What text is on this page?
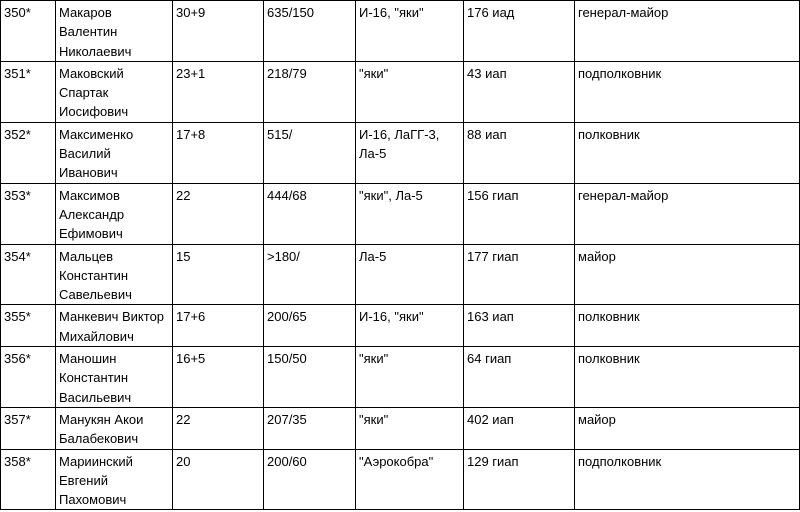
350*	Макаров Валентин Николаевич	30+9	635/150	И-16, "яки"	176 иад	генерал-майор
351*	Маковский Спартак Иосифович	23+1	218/79	"яки"	43 иап	подполковник
352*	Максименко Василий Иванович	17+8	515/	И-16, ЛаГГ-3, Ла-5	88 иап	полковник
353*	Максимов Александр Ефимович	22	444/68	"яки", Ла-5	156 гиап	генерал-майор
354*	Мальцев Константин Савельевич	15	>180/	Ла-5	177 гиап	майор
355*	Манкевич Виктор Михайлович	17+6	200/65	И-16, "яки"	163 иап	полковник
356*	Маношин Константин Васильевич	16+5	150/50	"яки"	64 гиап	полковник
357*	Манукян Акои Балабекович	22	207/35	"яки"	402 иап	майор
358*	Мариинский Евгений Пахомович	20	200/60	"Аэрокобра"	129 гиап	подполковник
